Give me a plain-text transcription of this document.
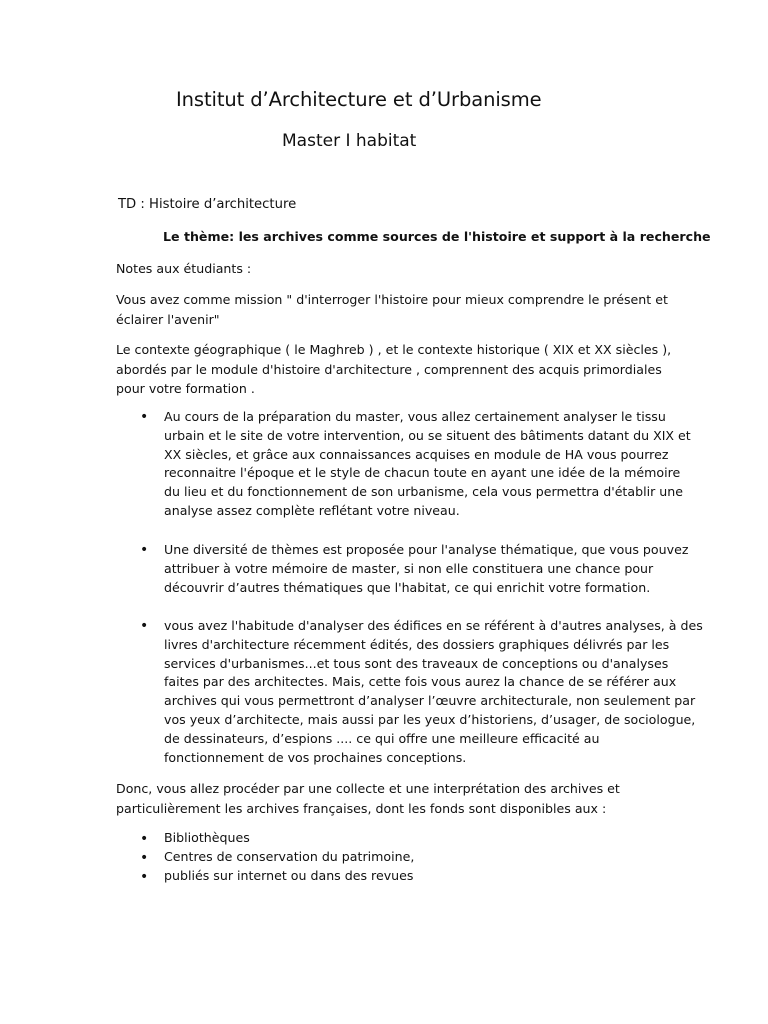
Institut d’Architecture et d’Urbanisme
Master I habitat
TD : Histoire d’architecture
Le thème: les archives comme sources de l'histoire et support à la recherche
Notes aux étudiants :
Vous avez comme mission " d'interroger l'histoire pour mieux comprendre le présent et
éclairer l'avenir"
Le contexte géographique ( le Maghreb ) , et le contexte historique ( XIX et XX siècles ),
abordés par le module d'histoire d'architecture , comprennent des acquis primordiales
pour votre formation .
• Au cours de la préparation du master, vous allez certainement analyser le tissu
urbain et le site de votre intervention, ou se situent des bâtiments datant du XIX et
XX siècles, et grâce aux connaissances acquises en module de HA vous pourrez
reconnaitre l'époque et le style de chacun toute en ayant une idée de la mémoire
du lieu et du fonctionnement de son urbanisme, cela vous permettra d'établir une
analyse assez complète reflétant votre niveau.
• Une diversité de thèmes est proposée pour l'analyse thématique, que vous pouvez
attribuer à votre mémoire de master, si non elle constituera une chance pour
découvrir d’autres thématiques que l'habitat, ce qui enrichit votre formation.
• vous avez l'habitude d'analyser des édifices en se référent à d'autres analyses, à des
livres d'architecture récemment édités, des dossiers graphiques délivrés par les
services d'urbanismes...et tous sont des traveaux de conceptions ou d'analyses
faites par des architectes. Mais, cette fois vous aurez la chance de se référer aux
archives qui vous permettront d’analyser l’œuvre architecturale, non seulement par
vos yeux d’architecte, mais aussi par les yeux d’historiens, d’usager, de sociologue,
de dessinateurs, d’espions .... ce qui offre une meilleure efficacité au
fonctionnement de vos prochaines conceptions.
Donc, vous allez procéder par une collecte et une interprétation des archives et
particulièrement les archives françaises, dont les fonds sont disponibles aux :
• Bibliothèques
• Centres de conservation du patrimoine,
• publiés sur internet ou dans des revues
